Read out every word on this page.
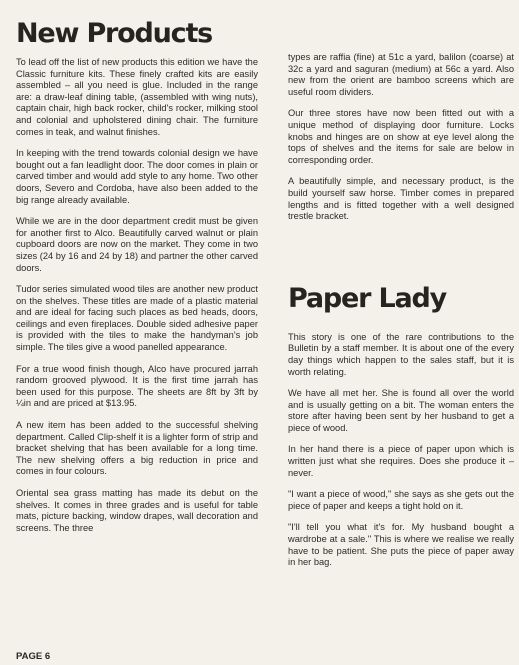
New Products

To lead off the list of new products this edition we have the Classic furniture kits. These finely crafted kits are easily assembled – all you need is glue. Included in the range are: a draw-leaf dining table, (assembled with wing nuts), captain chair, high back rocker, child's rocker, milking stool and colonial and upholstered dining chair. The furniture comes in teak, and walnut finishes.

In keeping with the trend towards colonial design we have bought out a fan leadlight door. The door comes in plain or carved timber and would add style to any home. Two other doors, Severo and Cordoba, have also been added to the big range already available.

While we are in the door department credit must be given for another first to Alco. Beautifully carved walnut or plain cupboard doors are now on the market. They come in two sizes (24 by 16 and 24 by 18) and partner the other carved doors.

Tudor series simulated wood tiles are another new product on the shelves. These titles are made of a plastic material and are ideal for facing such places as bed heads, doors, ceilings and even fireplaces. Double sided adhesive paper is provided with the tiles to make the handyman's job simple. The tiles give a wood panelled appearance.

For a true wood finish though, Alco have procured jarrah random grooved plywood. It is the first time jarrah has been used for this purpose. The sheets are 8ft by 3ft by ¼in and are priced at $13.95.

A new item has been added to the successful shelving department. Called Clip-shelf it is a lighter form of strip and bracket shelving that has been available for a long time. The new shelving offers a big reduction in price and comes in four colours.

Oriental sea grass matting has made its debut on the shelves. It comes in three grades and is useful for table mats, picture backing, window drapes, wall decoration and screens. The three

types are raffia (fine) at 51c a yard, balilon (coarse) at 32c a yard and saguran (medium) at 56c a yard. Also new from the orient are bamboo screens which are useful room dividers.

Our three stores have now been fitted out with a unique method of displaying door furniture. Locks knobs and hinges are on show at eye level along the tops of shelves and the items for sale are below in corresponding order.

A beautifully simple, and necessary product, is the build yourself saw horse. Timber comes in prepared lengths and is fitted together with a well designed trestle bracket.

Paper Lady

This story is one of the rare contributions to the Bulletin by a staff member. It is about one of the every day things which happen to the sales staff, but it is worth relating.

We have all met her. She is found all over the world and is usually getting on a bit. The woman enters the store after having been sent by her husband to get a piece of wood.

In her hand there is a piece of paper upon which is written just what she requires. Does she produce it – never.

"I want a piece of wood," she says as she gets out the piece of paper and keeps a tight hold on it.

"I'll tell you what it's for. My husband bought a wardrobe at a sale." This is where we realise we really have to be patient. She puts the piece of paper away in her bag.

PAGE 6
